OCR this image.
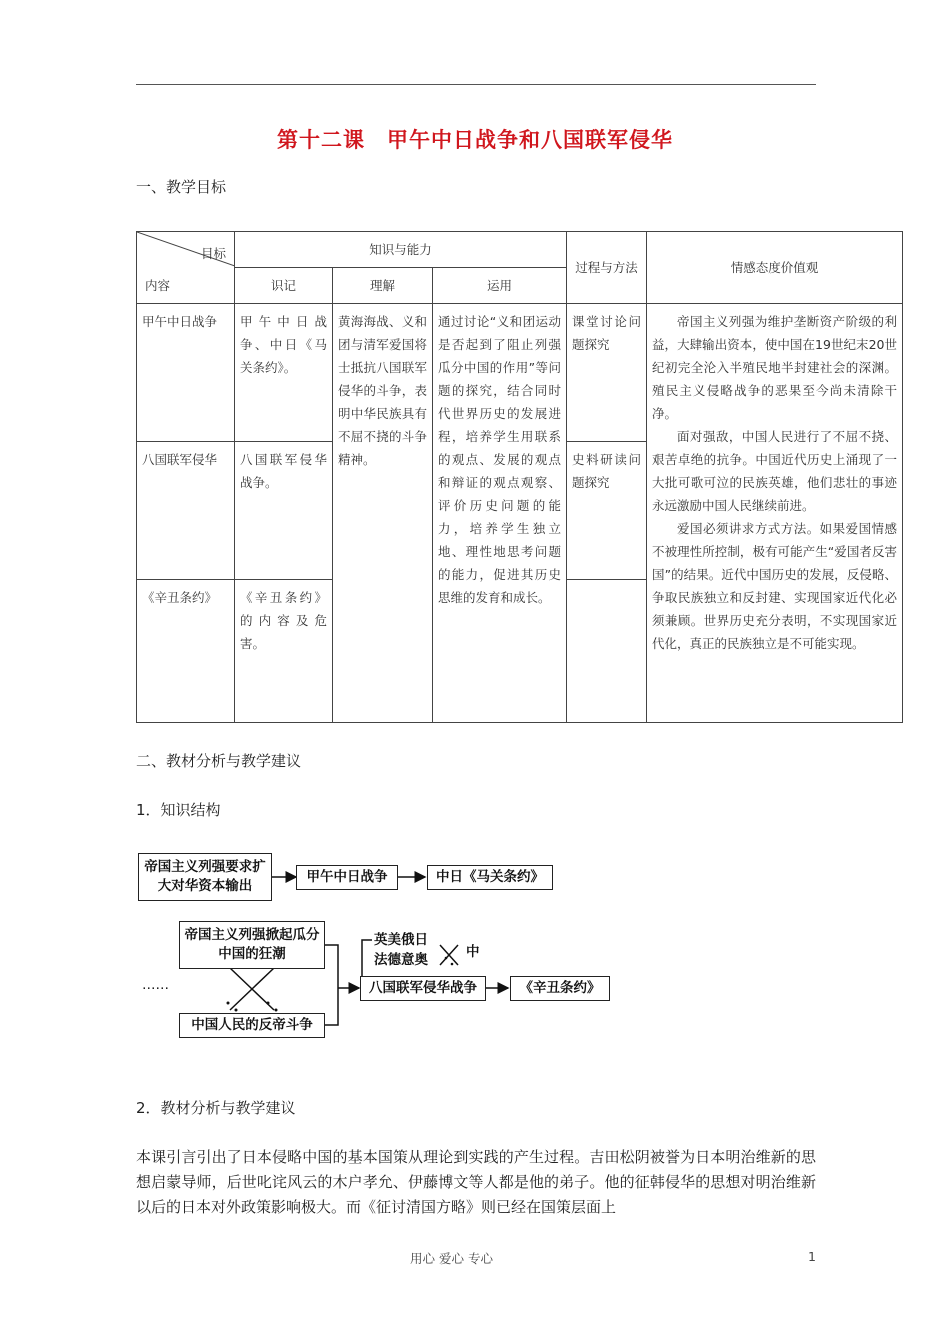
第十二课　甲午中日战争和八国联军侵华
一、教学目标
目标
内容	知识与能力			过程与方法	情感态度价值观
	识记	理解	运用		
甲午中日战争	甲午中日战争、中日《马关条约》。	黄海海战、义和团与清军爱国将士抵抗八国联军侵华的斗争，表明中华民族具有不屈不挠的斗争精神。	通过讨论“义和团运动是否起到了阻止列强瓜分中国的作用”等问题的探究，结合同时代世界历史的发展进程，培养学生用联系的观点、发展的观点和辩证的观点观察、评价历史问题的能力，培养学生独立地、理性地思考问题的能力，促进其历史思维的发育和成长。	课堂讨论问题探究	帝国主义列强为维护垄断资产阶级的利益，大肆输出资本，使中国在19世纪末20世纪初完全沦入半殖民地半封建社会的深渊。殖民主义侵略战争的恶果至今尚未清除干净。

面对强敌，中国人民进行了不屈不挠、艰苦卓绝的抗争。中国近代历史上涌现了一大批可歌可泣的民族英雄，他们悲壮的事迹永远激励中国人民继续前进。

爱国必须讲求方式方法。如果爱国情感不被理性所控制，极有可能产生“爱国者反害国”的结果。近代中国历史的发展，反侵略、争取民族独立和反封建、实现国家近代化必须兼顾。世界历史充分表明，不实现国家近代化，真正的民族独立是不可能实现。

八国联军侵华	八国联军侵华战争。			史料研读问题探究	
《辛丑条约》	《辛丑条约》的内容及危害。				
二、教材分析与教学建议
1．知识结构
帝国主义列强要求扩大对华资本输出
甲午中日战争	中日《马关条约》
帝国主义列强掀起瓜分中国的狂潮
中国人民的反帝斗争
八国联军侵华战争	《辛丑条约》
英美俄日
法德意奥	中
……
2．教材分析与教学建议
本课引言引出了日本侵略中国的基本国策从理论到实践的产生过程。吉田松阴被誉为日本明治维新的思想启蒙导师，后世叱诧风云的木户孝允、伊藤博文等人都是他的弟子。他的征韩侵华的思想对明治维新以后的日本对外政策影响极大。而《征讨清国方略》则已经在国策层面上
用心 爱心 专心	1
